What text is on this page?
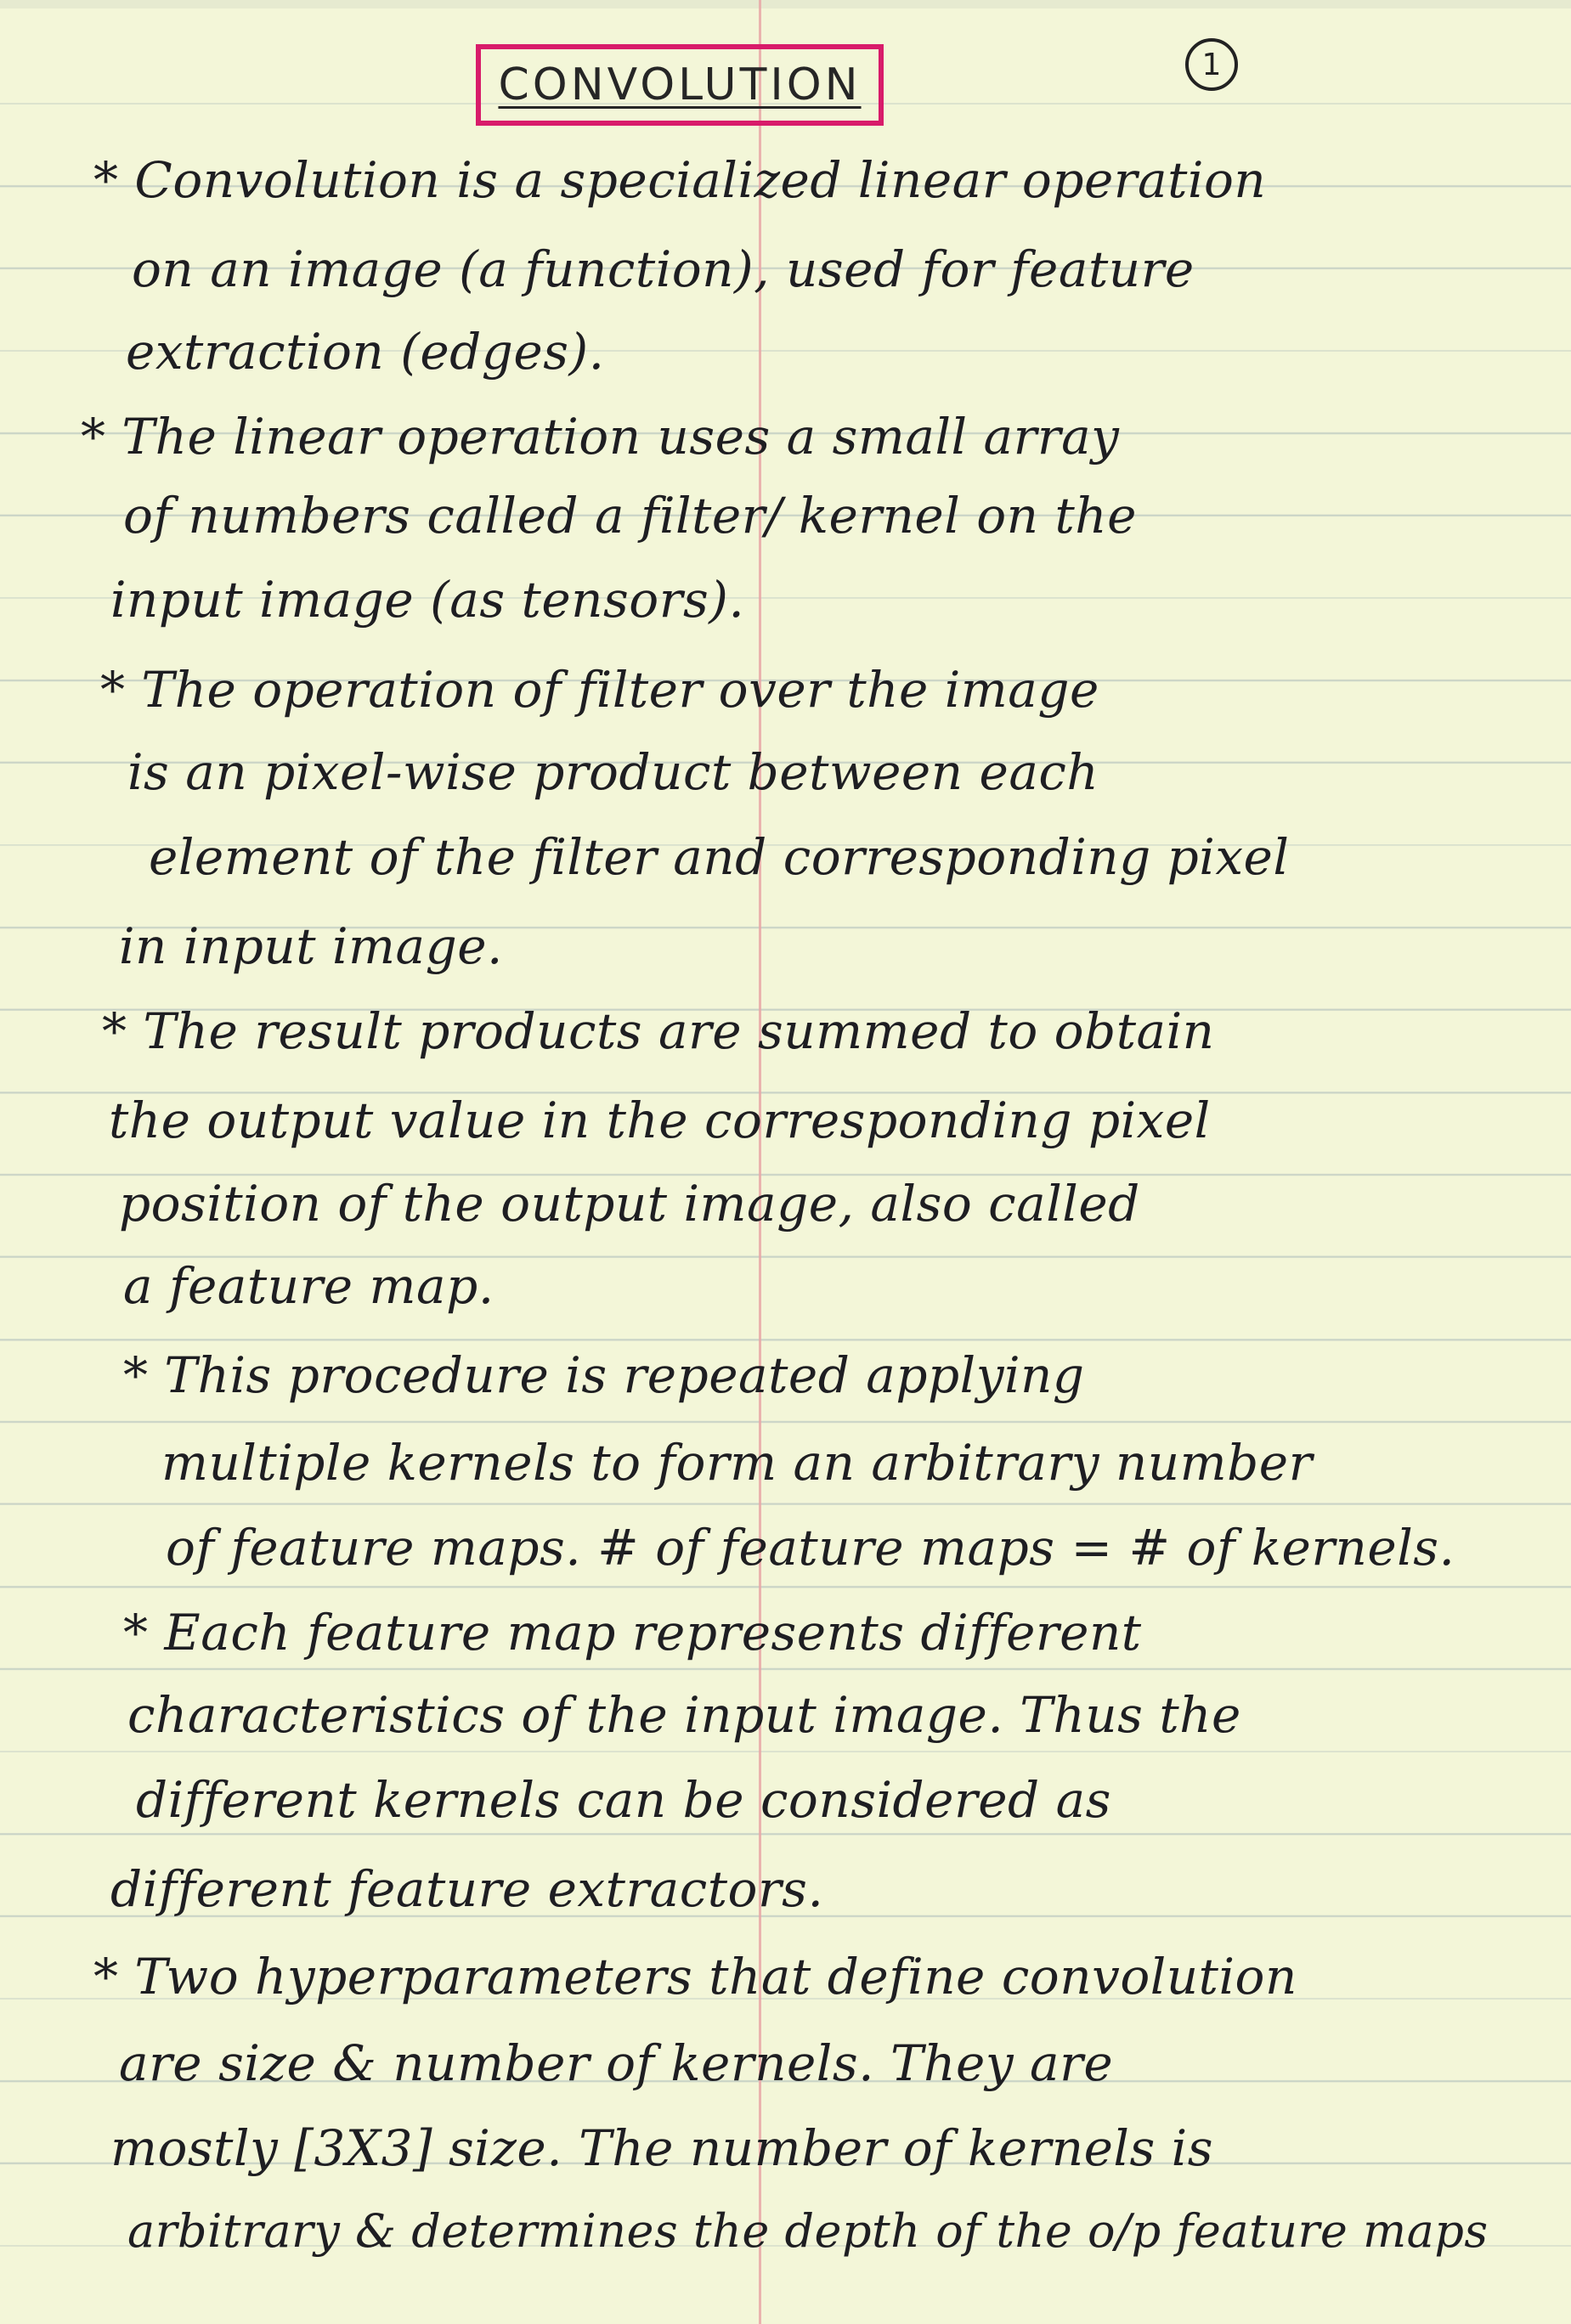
CONVOLUTION	1
* Convolution is a specialized linear operation
on an image (a function), used for feature
extraction (edges).
* The linear operation uses a small array
of numbers called a filter/ kernel on the
input image (as tensors).
* The operation of filter over the image
is an pixel-wise product between each
element of the filter and corresponding pixel
in input image.
* The result products are summed to obtain
the output value in the corresponding pixel
position of the output image, also called
a feature map.
* This procedure is repeated applying
multiple kernels to form an arbitrary number
of feature maps. # of feature maps = # of kernels.
* Each feature map represents different
characteristics of the input image. Thus the
different kernels can be considered as
different feature extractors.
* Two hyperparameters that define convolution
are size & number of kernels. They are
mostly [3X3] size. The number of kernels is
arbitrary & determines the depth of the o/p feature maps
